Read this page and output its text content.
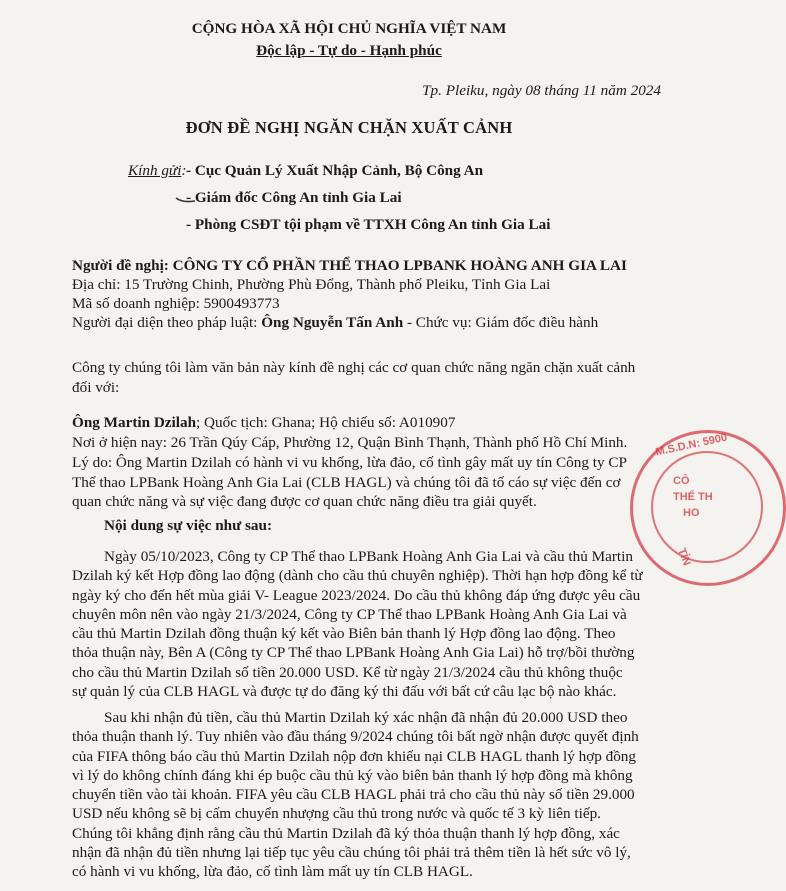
CỘNG HÒA XÃ HỘI CHỦ NGHĨA VIỆT NAM
Độc lập - Tự do - Hạnh phúc
Tp. Pleiku, ngày 08 tháng 11 năm 2024
ĐƠN ĐỀ NGHỊ NGĂN CHẶN XUẤT CẢNH
Kính gửi: - Cục Quản Lý Xuất Nhập Cảnh, Bộ Công An
- Giám đốc Công An tỉnh Gia Lai
- Phòng CSĐT tội phạm về TTXH Công An tỉnh Gia Lai
Người đề nghị: CÔNG TY CỔ PHẦN THỂ THAO LPBANK HOÀNG ANH GIA LAI
Địa chỉ: 15 Trường Chinh, Phường Phù Đổng, Thành phố Pleiku, Tỉnh Gia Lai
Mã số doanh nghiệp: 5900493773
Người đại diện theo pháp luật: Ông Nguyễn Tấn Anh - Chức vụ: Giám đốc điều hành
Công ty chúng tôi làm văn bản này kính đề nghị các cơ quan chức năng ngăn chặn xuất cảnh
đối với:
Ông Martin Dzilah; Quốc tịch: Ghana; Hộ chiếu số: A010907
Nơi ở hiện nay: 26 Trần Qúy Cáp, Phường 12, Quận Bình Thạnh, Thành phố Hồ Chí Minh.
Lý do: Ông Martin Dzilah có hành vi vu khống, lừa đảo, cố tình gây mất uy tín Công ty CP
Thể thao LPBank Hoàng Anh Gia Lai (CLB HAGL) và chúng tôi đã tố cáo sự việc đến cơ
quan chức năng và sự việc đang được cơ quan chức năng điều tra giải quyết.
Nội dung sự việc như sau:
Ngày 05/10/2023, Công ty CP Thể thao LPBank Hoàng Anh Gia Lai và cầu thủ Martin
Dzilah ký kết Hợp đồng lao động (dành cho cầu thủ chuyên nghiệp). Thời hạn hợp đồng kể từ
ngày ký cho đến hết mùa giải V- League 2023/2024. Do cầu thủ không đáp ứng được yêu cầu
chuyên môn nên vào ngày 21/3/2024, Công ty CP Thể thao LPBank Hoàng Anh Gia Lai và
cầu thủ Martin Dzilah đồng thuận ký kết vào Biên bản thanh lý Hợp đồng lao động. Theo
thỏa thuận này, Bên A (Công ty CP Thể thao LPBank Hoàng Anh Gia Lai) hỗ trợ/bồi thường
cho cầu thủ Martin Dzilah số tiền 20.000 USD. Kể từ ngày 21/3/2024 cầu thủ không thuộc
sự quản lý của CLB HAGL và được tự do đăng ký thi đấu với bất cứ câu lạc bộ nào khác.
Sau khi nhận đủ tiền, cầu thủ Martin Dzilah ký xác nhận đã nhận đủ 20.000 USD theo
thỏa thuận thanh lý. Tuy nhiên vào đầu tháng 9/2024 chúng tôi bất ngờ nhận được quyết định
của FIFA thông báo cầu thủ Martin Dzilah nộp đơn khiếu nại CLB HAGL thanh lý hợp đồng
vì lý do không chính đáng khi ép buộc cầu thủ ký vào biên bản thanh lý hợp đồng mà không
chuyển tiền vào tài khoản. FIFA yêu cầu CLB HAGL phải trả cho cầu thủ này số tiền 29.000
USD nếu không sẽ bị cấm chuyển nhượng cầu thủ trong nước và quốc tế 3 kỳ liên tiếp.
Chúng tôi khẳng định rằng cầu thủ Martin Dzilah đã ký thỏa thuận thanh lý hợp đồng, xác
nhận đã nhận đủ tiền nhưng lại tiếp tục yêu cầu chúng tôi phải trả thêm tiền là hết sức vô lý,
có hành vi vu khống, lừa đảo, cố tình làm mất uy tín CLB HAGL.
M.S.D.N: 5900
CÔ
THỂ TH
HO
TỈN
